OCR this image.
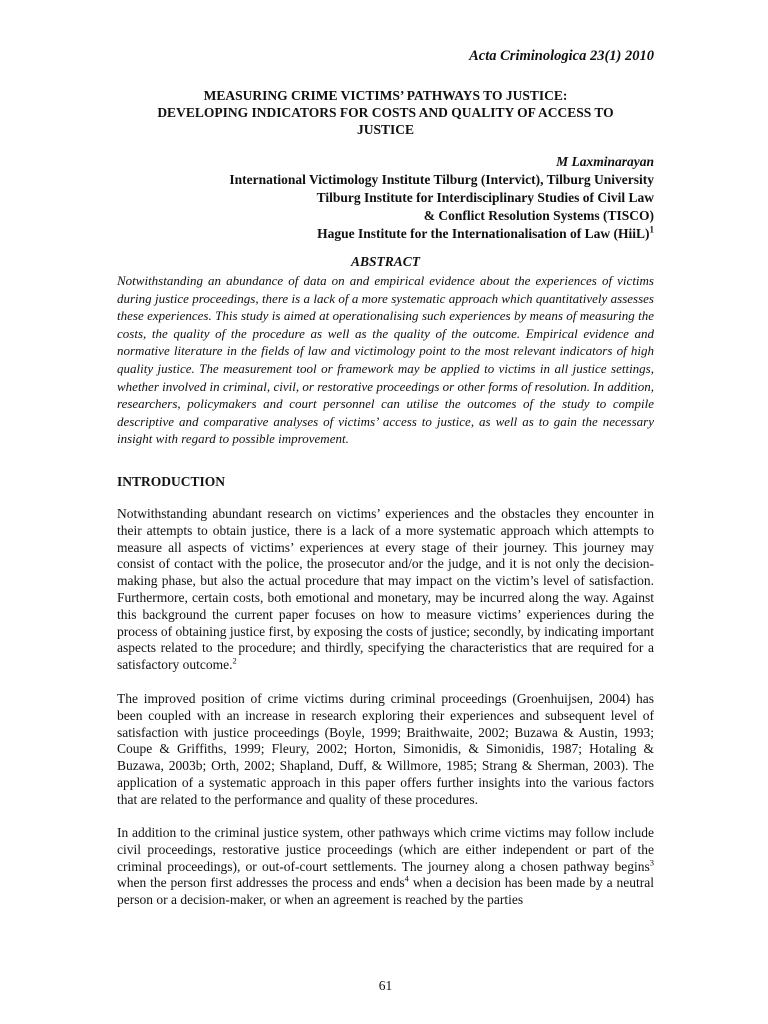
Acta Criminologica 23(1) 2010
MEASURING CRIME VICTIMS’ PATHWAYS TO JUSTICE:
DEVELOPING INDICATORS FOR COSTS AND QUALITY OF ACCESS TO
JUSTICE
M Laxminarayan
International Victimology Institute Tilburg (Intervict), Tilburg University
Tilburg Institute for Interdisciplinary Studies of Civil Law
& Conflict Resolution Systems (TISCO)
Hague Institute for the Internationalisation of Law (HiiL)$^1$
ABSTRACT

Notwithstanding an abundance of data on and empirical evidence about the experiences of victims during justice proceedings, there is a lack of a more systematic approach which quantitatively assesses these experiences. This study is aimed at operationalising such experiences by means of measuring the costs, the quality of the procedure as well as the quality of the outcome. Empirical evidence and normative literature in the fields of law and victimology point to the most relevant indicators of high quality justice. The measurement tool or framework may be applied to victims in all justice settings, whether involved in criminal, civil, or restorative proceedings or other forms of resolution. In addition, researchers, policymakers and court personnel can utilise the outcomes of the study to compile descriptive and comparative analyses of victims’ access to justice, as well as to gain the necessary insight with regard to possible improvement.

INTRODUCTION

Notwithstanding abundant research on victims’ experiences and the obstacles they encounter in their attempts to obtain justice, there is a lack of a more systematic approach which attempts to measure all aspects of victims’ experiences at every stage of their journey. This journey may consist of contact with the police, the prosecutor and/or the judge, and it is not only the decision-making phase, but also the actual procedure that may impact on the victim’s level of satisfaction. Furthermore, certain costs, both emotional and monetary, may be incurred along the way. Against this background the current paper focuses on how to measure victims’ experiences during the process of obtaining justice first, by exposing the costs of justice; secondly, by indicating important aspects related to the procedure; and thirdly, specifying the characteristics that are required for a satisfactory outcome.$^2$

The improved position of crime victims during criminal proceedings (Groenhuijsen, 2004) has been coupled with an increase in research exploring their experiences and subsequent level of satisfaction with justice proceedings (Boyle, 1999; Braithwaite, 2002; Buzawa & Austin, 1993; Coupe & Griffiths, 1999; Fleury, 2002; Horton, Simonidis, & Simonidis, 1987; Hotaling & Buzawa, 2003b; Orth, 2002; Shapland, Duff, & Willmore, 1985; Strang & Sherman, 2003). The application of a systematic approach in this paper offers further insights into the various factors that are related to the performance and quality of these procedures.

In addition to the criminal justice system, other pathways which crime victims may follow include civil proceedings, restorative justice proceedings (which are either independent or part of the criminal proceedings), or out-of-court settlements. The journey along a chosen pathway begins$^3$ when the person first addresses the process and ends$^4$ when a decision has been made by a neutral person or a decision-maker, or when an agreement is reached by the parties

61
